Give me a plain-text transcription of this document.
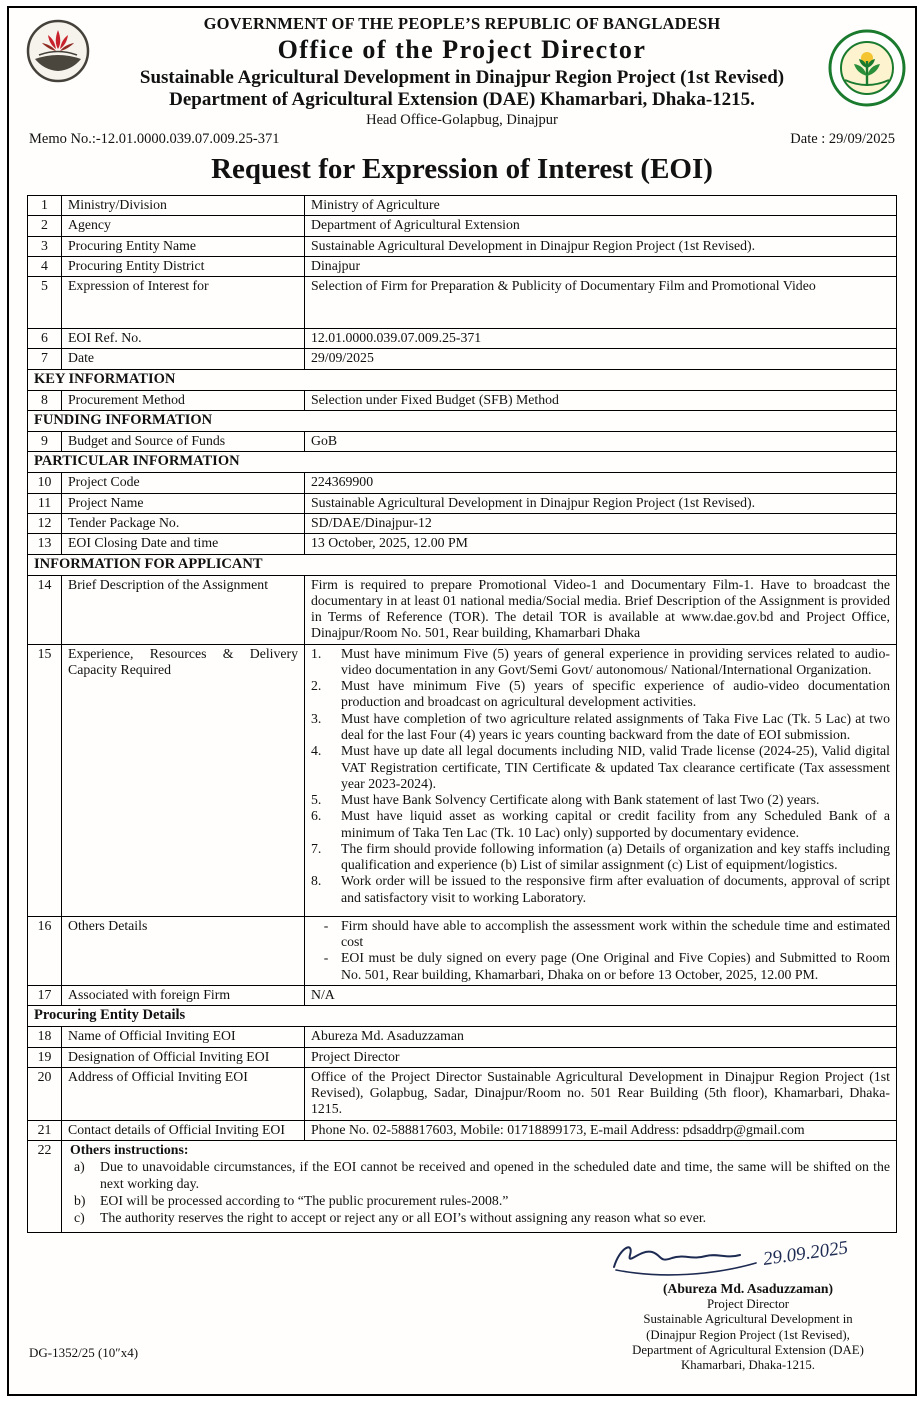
GOVERNMENT OF THE PEOPLE’S REPUBLIC OF BANGLADESH
Office of the Project Director
Sustainable Agricultural Development in Dinajpur Region Project (1st Revised)
Department of Agricultural Extension (DAE) Khamarbari, Dhaka-1215.
Head Office-Golapbug, Dinajpur
Memo No.:-12.01.0000.039.07.009.25-371	Date : 29/09/2025
Request for Expression of Interest (EOI)
1	Ministry/Division	Ministry of Agriculture
2	Agency	Department of Agricultural Extension
3	Procuring Entity Name	Sustainable Agricultural Development in Dinajpur Region Project (1st Revised).
4	Procuring Entity District	Dinajpur
5	Expression of Interest for	Selection of Firm for Preparation & Publicity of Documentary Film and Promotional Video
6	EOI Ref. No.	12.01.0000.039.07.009.25-371
7	Date	29/09/2025
KEY INFORMATION		
8	Procurement Method	Selection under Fixed Budget (SFB) Method
FUNDING INFORMATION		
9	Budget and Source of Funds	GoB
PARTICULAR INFORMATION		
10	Project Code	224369900
11	Project Name	Sustainable Agricultural Development in Dinajpur Region Project (1st Revised).
12	Tender Package No.	SD/DAE/Dinajpur-12
13	EOI Closing Date and time	13 October, 2025, 12.00 PM
INFORMATION FOR APPLICANT		
14	Brief Description of the Assignment	Firm is required to prepare Promotional Video-1 and Documentary Film-1. Have to broadcast the documentary in at least 01 national media/Social media. Brief Description of the Assignment is provided in Terms of Reference (TOR). The detail TOR is available at www.dae.gov.bd and Project Office, Dinajpur/Room No. 501, Rear building, Khamarbari Dhaka
15	Experience, Resources & Delivery Capacity Required	
1.	Must have minimum Five (5) years of general experience in providing services related to audio-video documentation in any Govt/Semi Govt/ autonomous/ National/International Organization.
2.	Must have minimum Five (5) years of specific experience of audio-video documentation production and broadcast on agricultural development activities.
3.	Must have completion of two agriculture related assignments of Taka Five Lac (Tk. 5 Lac) at two deal for the last Four (4) years ic years counting backward from the date of EOI submission.
4.	Must have up date all legal documents including NID, valid Trade license (2024-25), Valid digital VAT Registration certificate, TIN Certificate & updated Tax clearance certificate (Tax assessment year 2023-2024).
5.	Must have Bank Solvency Certificate along with Bank statement of last Two (2) years.
6.	Must have liquid asset as working capital or credit facility from any Scheduled Bank of a minimum of Taka Ten Lac (Tk. 10 Lac) only) supported by documentary evidence.
7.	The firm should provide following information (a) Details of organization and key staffs including qualification and experience (b) List of similar assignment (c) List of equipment/logistics.
8.	Work order will be issued to the responsive firm after evaluation of documents, approval of script and satisfactory visit to working Laboratory.

16	Others Details	- Firm should have able to accomplish the assessment work within the schedule time and estimated cost
- EOI must be duly signed on every page (One Original and Five Copies) and Submitted to Room No. 501, Rear building, Khamarbari, Dhaka on or before 13 October, 2025, 12.00 PM.

17	Associated with foreign Firm	N/A
Procuring Entity Details		
18	Name of Official Inviting EOI	Abureza Md. Asaduzzaman
19	Designation of Official Inviting EOI	Project Director
20	Address of Official Inviting EOI	Office of the Project Director Sustainable Agricultural Development in Dinajpur Region Project (1st Revised), Golapbug, Sadar, Dinajpur/Room no. 501 Rear Building (5th floor), Khamarbari, Dhaka-1215.
21	Contact details of Official Inviting EOI	Phone No. 02-588817603, Mobile: 01718899173, E-mail Address: pdsaddrp@gmail.com
22	Others instructions:
a)	Due to unavoidable circumstances, if the EOI cannot be received and opened in the scheduled date and time, the same will be shifted on the next working day.
b)	EOI will be processed according to “The public procurement rules-2008.”
c)	The authority reserves the right to accept or reject any or all EOI’s without assigning any reason what so ever.
DG-1352/25 (10″x4)
29.09.2025
(Abureza Md. Asaduzzaman)
Project Director
Sustainable Agricultural Development in
(Dinajpur Region Project (1st Revised),
Department of Agricultural Extension (DAE)
Khamarbari, Dhaka-1215.
